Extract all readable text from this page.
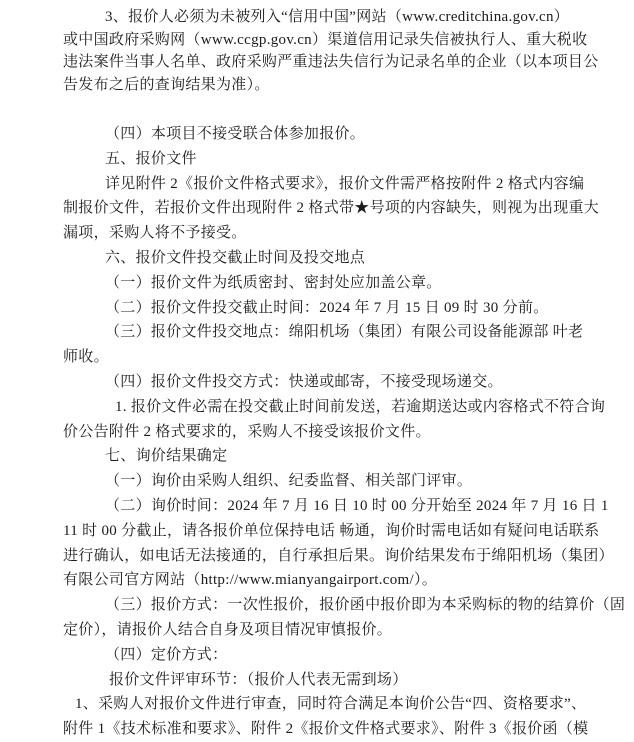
3、报价人必须为未被列入“信用中国”网站（www.creditchina.gov.cn）
或中国政府采购网（www.ccgp.gov.cn）渠道信用记录失信被执行人、重大税收
违法案件当事人名单、政府采购严重违法失信行为记录名单的企业（以本项目公
告发布之后的查询结果为准）。
（四）本项目不接受联合体参加报价。
五、报价文件
详见附件 2《报价文件格式要求》，报价文件需严格按附件 2 格式内容编
制报价文件，若报价文件出现附件 2 格式带★号项的内容缺失，则视为出现重大
漏项，采购人将不予接受。
六、报价文件投交截止时间及投交地点
（一）报价文件为纸质密封、密封处应加盖公章。
（二）报价文件投交截止时间：2024 年 7 月 15 日 09 时 30 分前。
（三）报价文件投交地点：绵阳机场（集团）有限公司设备能源部 叶老
师收。
（四）报价文件投交方式：快递或邮寄，不接受现场递交。
1. 报价文件必需在投交截止时间前发送，若逾期送达或内容格式不符合询
价公告附件 2 格式要求的，采购人不接受该报价文件。
七、询价结果确定
（一）询价由采购人组织、纪委监督、相关部门评审。
（二）询价时间：2024 年 7 月 16 日 10 时 00 分开始至 2024 年 7 月 16 日 1
11 时 00 分截止，请各报价单位保持电话 畅通，询价时需电话如有疑问电话联系
进行确认，如电话无法接通的，自行承担后果。询价结果发布于绵阳机场（集团）
有限公司官方网站（http://www.mianyangairport.com/）。
（三）报价方式：一次性报价，报价函中报价即为本采购标的物的结算价（固
定价），请报价人结合自身及项目情况审慎报价。
（四）定价方式：
报价文件评审环节：（报价人代表无需到场）
1、采购人对报价文件进行审查，同时符合满足本询价公告“四、资格要求”、
附件 1《技术标准和要求》、附件 2《报价文件格式要求》、附件 3《报价函（模
